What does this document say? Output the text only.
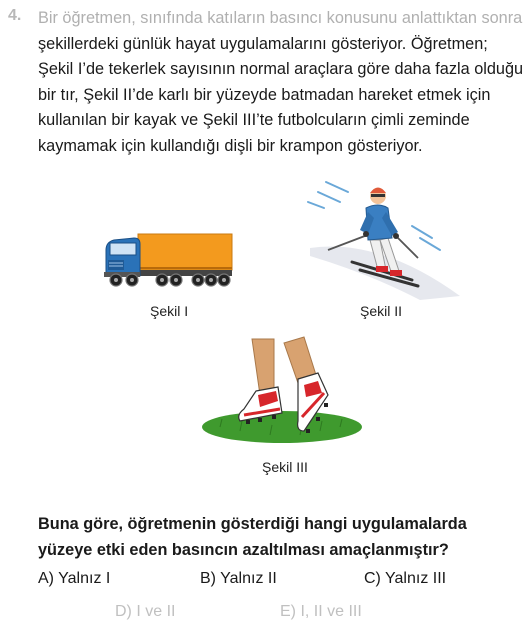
4. Bir öğretmen, sınıfında katıların basıncı konusunu anlattıktan sonra
şekillerdeki günlük hayat uygulamalarını gösteriyor. Öğretmen;
Şekil I’de tekerlek sayısının normal araçlara göre daha fazla olduğu
bir tır, Şekil II’de karlı bir yüzeyde batmadan hareket etmek için
kullanılan bir kayak ve Şekil III’te futbolcuların çimli zeminde
kaymamak için kullandığı dişli bir krampon gösteriyor.
Şekil I	Şekil II
Şekil III
Buna göre, öğretmenin gösterdiği hangi uygulamalarda
yüzeye etki eden basıncın azaltılması amaçlanmıştır?
A) Yalnız I	B) Yalnız II	C) Yalnız III
D) I ve II	E) I, II ve III
